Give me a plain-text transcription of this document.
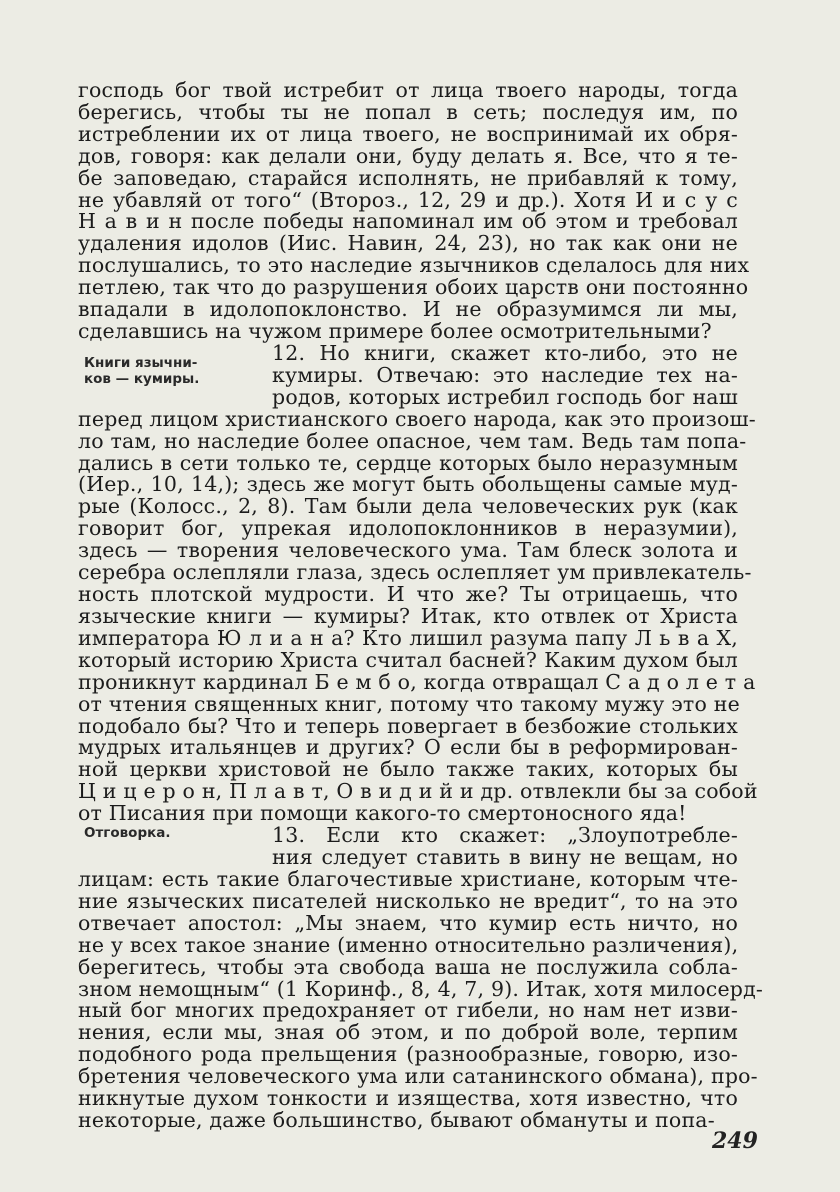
Книги язычни-
ков — кумиры.
Отговорка.
господь бог твой истребит от лица твоего народы, тогда
берегись, чтобы ты не попал в сеть; последуя им, по
истреблении их от лица твоего, не воспринимай их обря-
дов, говоря: как делали они, буду делать я. Все, что я те-
бе заповедаю, старайся исполнять, не прибавляй к тому,
не убавляй от того“ (Второз., 12, 29 и др.). Хотя И и с у с
Н а в и н после победы напоминал им об этом и требовал
удаления идолов (Иис. Навин, 24, 23), но так как они не
послушались, то это наследие язычников сделалось для них
петлею, так что до разрушения обоих царств они постоянно
впадали в идолопоклонство. И не образумимся ли мы,
сделавшись на чужом примере более осмотрительными?
12. Но книги, скажет кто-либо, это не
кумиры. Отвечаю: это наследие тех на-
родов, которых истребил господь бог наш
перед лицом христианского своего народа, как это произош-
ло там, но наследие более опасное, чем там. Ведь там попа-
дались в сети только те, сердце которых было неразумным
(Иер., 10, 14,); здесь же могут быть обольщены самые муд-
рые (Колосс., 2, 8). Там были дела человеческих рук (как
говорит бог, упрекая идолопоклонников в неразумии),
здесь — творения человеческого ума. Там блеск золота и
серебра ослепляли глаза, здесь ослепляет ум привлекатель-
ность плотской мудрости. И что же? Ты отрицаешь, что
языческие книги — кумиры? Итак, кто отвлек от Христа
императора Ю л и а н а? Кто лишил разума папу Л ь в а X,
который историю Христа считал басней? Каким духом был
проникнут кардинал Б е м б о, когда отвращал С а д о л е т а
от чтения священных книг, потому что такому мужу это не
подобало бы? Что и теперь повергает в безбожие стольких
мудрых итальянцев и других? О если бы в реформирован-
ной церкви христовой не было также таких, которых бы
Ц и ц е р о н, П л а в т, О в и д и й и др. отвлекли бы за собой
от Писания при помощи какого-то смертоносного яда!
13. Если кто скажет: „Злоупотребле-
ния следует ставить в вину не вещам, но
лицам: есть такие благочестивые христиане, которым чте-
ние языческих писателей нисколько не вредит“, то на это
отвечает апостол: „Мы знаем, что кумир есть ничто, но
не у всех такое знание (именно относительно различения),
берегитесь, чтобы эта свобода ваша не послужила собла-
зном немощным“ (1 Коринф., 8, 4, 7, 9). Итак, хотя милосерд-
ный бог многих предохраняет от гибели, но нам нет изви-
нения, если мы, зная об этом, и по доброй воле, терпим
подобного рода прельщения (разнообразные, говорю, изо-
бретения человеческого ума или сатанинского обмана), про-
никнутые духом тонкости и изящества, хотя известно, что
некоторые, даже большинство, бывают обмануты и попа-
249
